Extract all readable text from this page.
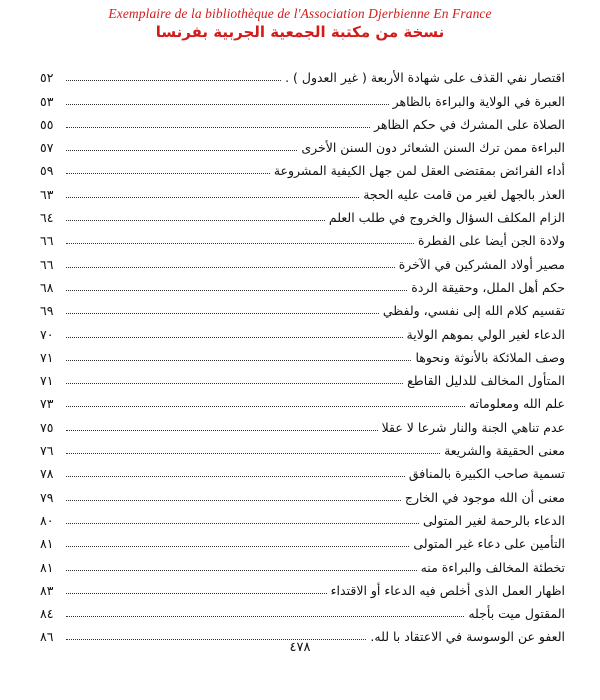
Exemplaire de la bibliothèque de l'Association Djerbienne En France
نسخة من مكتبة الجمعية الجربية بفرنسا
اقتصار نفي القذف على شهادة الأربعة ( غير العدول ) .
٥٢
العبرة في الولاية والبراءة بالظاهر
٥٣
الصلاة على المشرك في حكم الظاهر
٥٥
البراءة ممن ترك السنن الشعائر دون السنن الأخرى
٥٧
أداء الفرائض بمقتضى العقل لمن جهل الكيفية المشروعة
٥٩
العذر بالجهل لغير من قامت عليه الحجة
٦٣
الزام المكلف السؤال والخروج في طلب العلم
٦٤
ولادة الجن أيضا على الفطرة
٦٦
مصير أولاد المشركين في الآخرة
٦٦
حكم أهل الملل، وحقيقة الردة
٦٨
تقسيم كلام الله إلى نفسي، ولفظي
٦٩
الدعاء لغير الولي بموهم الولاية
٧٠
وصف الملائكة بالأنوثة ونحوها
٧١
المتأول المخالف للدليل القاطع
٧١
علم الله ومعلوماته
٧٣
عدم تناهي الجنة والنار شرعا لا عقلا
٧٥
معنى الحقيقة والشريعة
٧٦
تسمية صاحب الكبيرة بالمنافق
٧٨
معنى أن الله موجود في الخارج
٧٩
الدعاء بالرحمة لغير المتولى
٨٠
التأمين على دعاء غير المتولى
٨١
تخطئة المخالف والبراءة منه
٨١
اظهار العمل الذى أخلص فيه الدعاء أو الاقتداء
٨٣
المقتول ميت بأجله
٨٤
العفو عن الوسوسة في الاعتقاد با لله.
٨٦
٤٧٨
